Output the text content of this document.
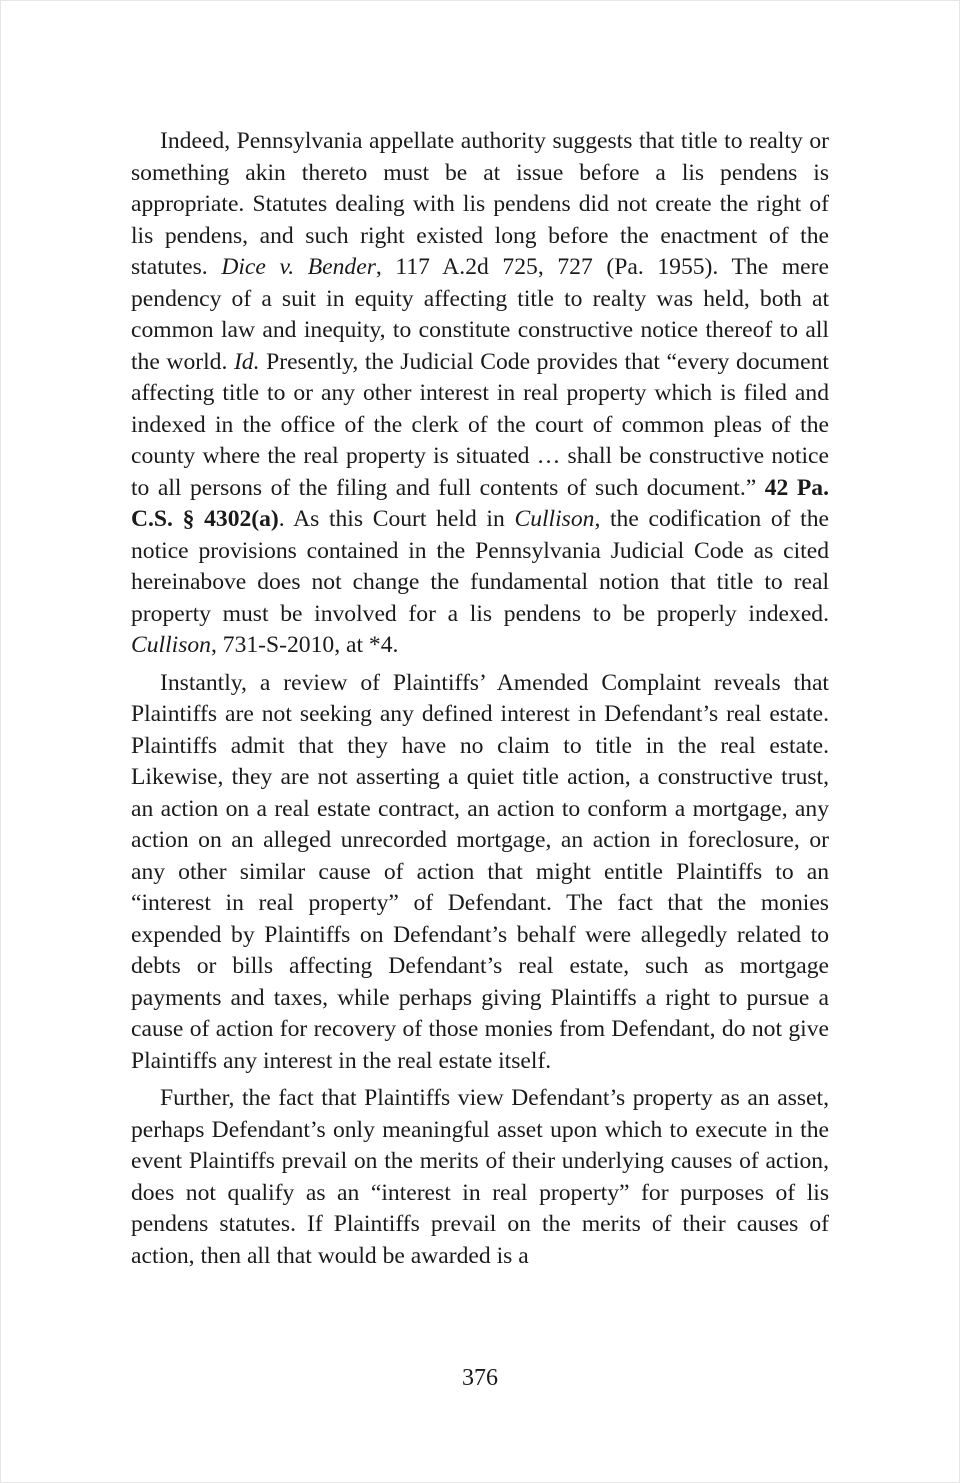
Indeed, Pennsylvania appellate authority suggests that title to realty or something akin thereto must be at issue before a lis pendens is appropriate. Statutes dealing with lis pendens did not create the right of lis pendens, and such right existed long before the enactment of the statutes. Dice v. Bender, 117 A.2d 725, 727 (Pa. 1955). The mere pendency of a suit in equity affecting title to realty was held, both at common law and inequity, to constitute constructive notice thereof to all the world. Id. Presently, the Judicial Code provides that “every document affecting title to or any other interest in real property which is filed and indexed in the office of the clerk of the court of common pleas of the county where the real property is situated … shall be constructive notice to all persons of the filing and full contents of such document.” 42 Pa. C.S. § 4302(a). As this Court held in Cullison, the codification of the notice provisions contained in the Pennsylvania Judicial Code as cited hereinabove does not change the fundamental notion that title to real property must be involved for a lis pendens to be properly indexed. Cullison, 731-S-2010, at *4.

Instantly, a review of Plaintiffs’ Amended Complaint reveals that Plaintiffs are not seeking any defined interest in Defendant’s real estate. Plaintiffs admit that they have no claim to title in the real estate. Likewise, they are not asserting a quiet title action, a constructive trust, an action on a real estate contract, an action to conform a mortgage, any action on an alleged unrecorded mortgage, an action in foreclosure, or any other similar cause of action that might entitle Plaintiffs to an “interest in real property” of Defendant. The fact that the monies expended by Plaintiffs on Defendant’s behalf were allegedly related to debts or bills affecting Defendant’s real estate, such as mortgage payments and taxes, while perhaps giving Plaintiffs a right to pursue a cause of action for recovery of those monies from Defendant, do not give Plaintiffs any interest in the real estate itself.

Further, the fact that Plaintiffs view Defendant’s property as an asset, perhaps Defendant’s only meaningful asset upon which to execute in the event Plaintiffs prevail on the merits of their underlying causes of action, does not qualify as an “interest in real property” for purposes of lis pendens statutes. If Plaintiffs prevail on the merits of their causes of action, then all that would be awarded is a

376
